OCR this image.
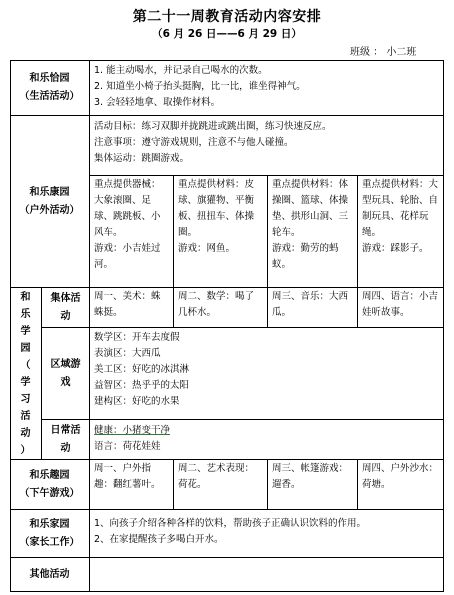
第二十一周教育活动内容安排
（6 月 26 日——6 月 29 日）
班级 ： 小二班
和乐恰园
（生活活动）
1. 能主动喝水，并记录自己喝水的次数。
2. 知道坐小椅子抬头挺胸，比一比，谁坐得神气。
3. 会轻轻地拿、取操作材料。
和乐康园
（户外活动）
活动目标：练习双脚并拢跳进或跳出圈，练习快速反应。
注意事项：遵守游戏规则，注意不与他人碰撞。
集体运动：跳圈游戏。
重点提供器械：大象滚圈、足球、跳跳板、小风车。
游戏：小吉娃过河。
重点提供材料：皮球、旗獾物、平衡板、扭扭车、体操圈。
游戏：网鱼。
重点提供材料：体操圈、篮球、体操垫、拱形山洞、三轮车。
游戏：勤劳的蚂蚁。
重点提供材料：大型玩具、轮胎、自制玩具、花样玩绳。
游戏：踩影子。
和
乐
学
园
（
学
习
活
动
）
集体活
动
周一、美术：蛛蛛挺。
周二、数学：喝了几杯水。
周三、音乐：大西瓜。
周四、语言：小吉娃听故事。
区域游
戏
数学区：开车去度假
表演区：大西瓜
美工区：好吃的冰淇淋
益智区：热乎乎的太阳
建构区：好吃的水果
日常活
动
健康：小猪变干净
语言：荷花娃娃
和乐趣园
（下午游戏）
周一、户外指趣：翻红薯叶。
周二、艺术表现：荷花。
周三、帐篷游戏：遛香。
周四、户外沙水：荷塘。
和乐家园
（家长工作）
1、向孩子介绍各种各样的饮料，帮助孩子正确认识饮料的作用。
2、在家提醒孩子多喝白开水。
其他活动
